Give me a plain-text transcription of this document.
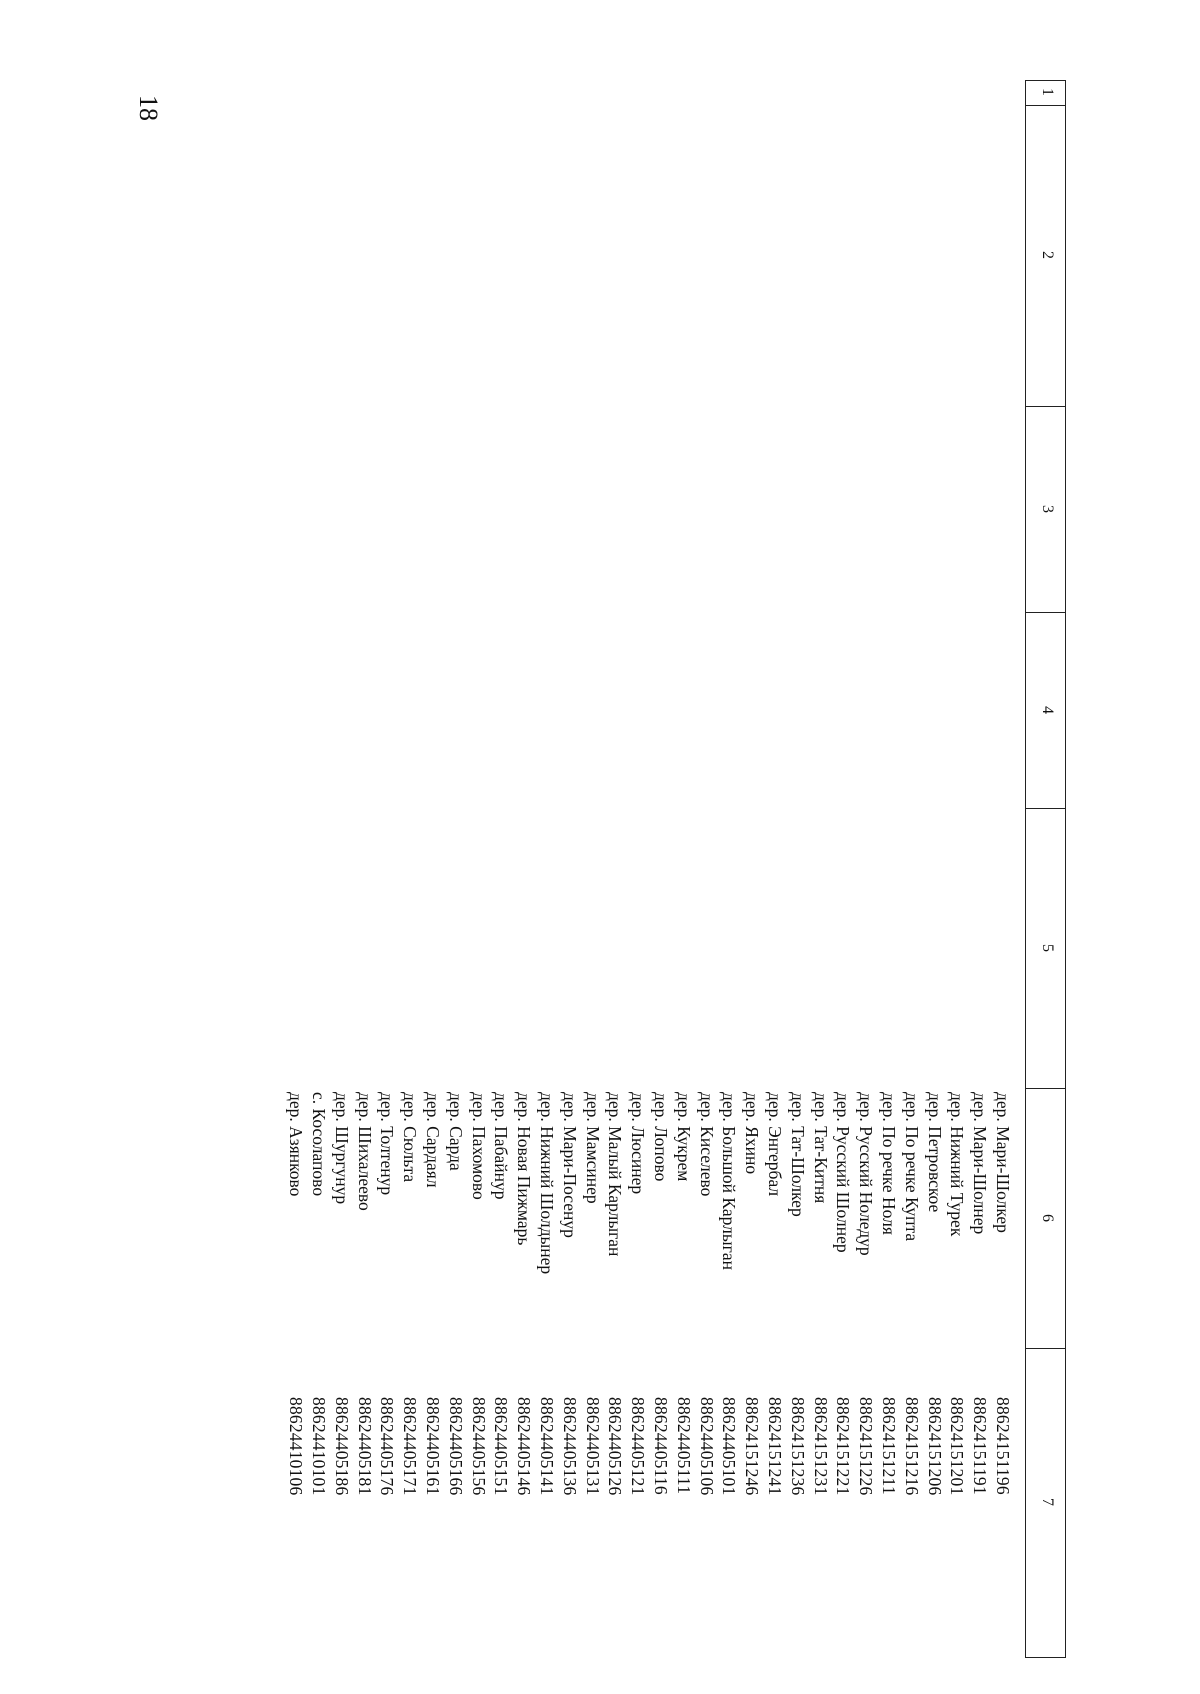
18
1
2
3
4
5
6
7
дер. Мари-Шолкер
88624151196
дер. Мари-Шолнер
88624151191
дер. Нижний Турек
88624151201
дер. Петровское
88624151206
дер. По речке Купта
88624151216
дер. По речке Ноля
88624151211
дер. Русский Ноледур
88624151226
дер. Русский Шолнер
88624151221
дер. Тат-Китня
88624151231
дер. Тат-Шолкер
88624151236
дер. Энгербал
88624151241
дер. Яхино
88624151246
дер. Большой Карлыган
88624405101
дер. Киселево
88624405106
дер. Кукрем
88624405111
дер. Лопово
88624405116
дер. Люсинер
88624405121
дер. Малый Карлыган
88624405126
дер. Мамсинер
88624405131
дер. Мари-Посенур
88624405136
дер. Нижний Шолдынер
88624405141
дер. Новая Пижмарь
88624405146
дер. Пабайнур
88624405151
дер. Пахомово
88624405156
дер. Сарда
88624405166
дер. Сардаял
88624405161
дер. Сюльта
88624405171
дер. Толтенур
88624405176
дер. Шихалеево
88624405181
дер. Шургунур
88624405186
с. Косолапово
88624410101
дер. Азянково
88624410106
